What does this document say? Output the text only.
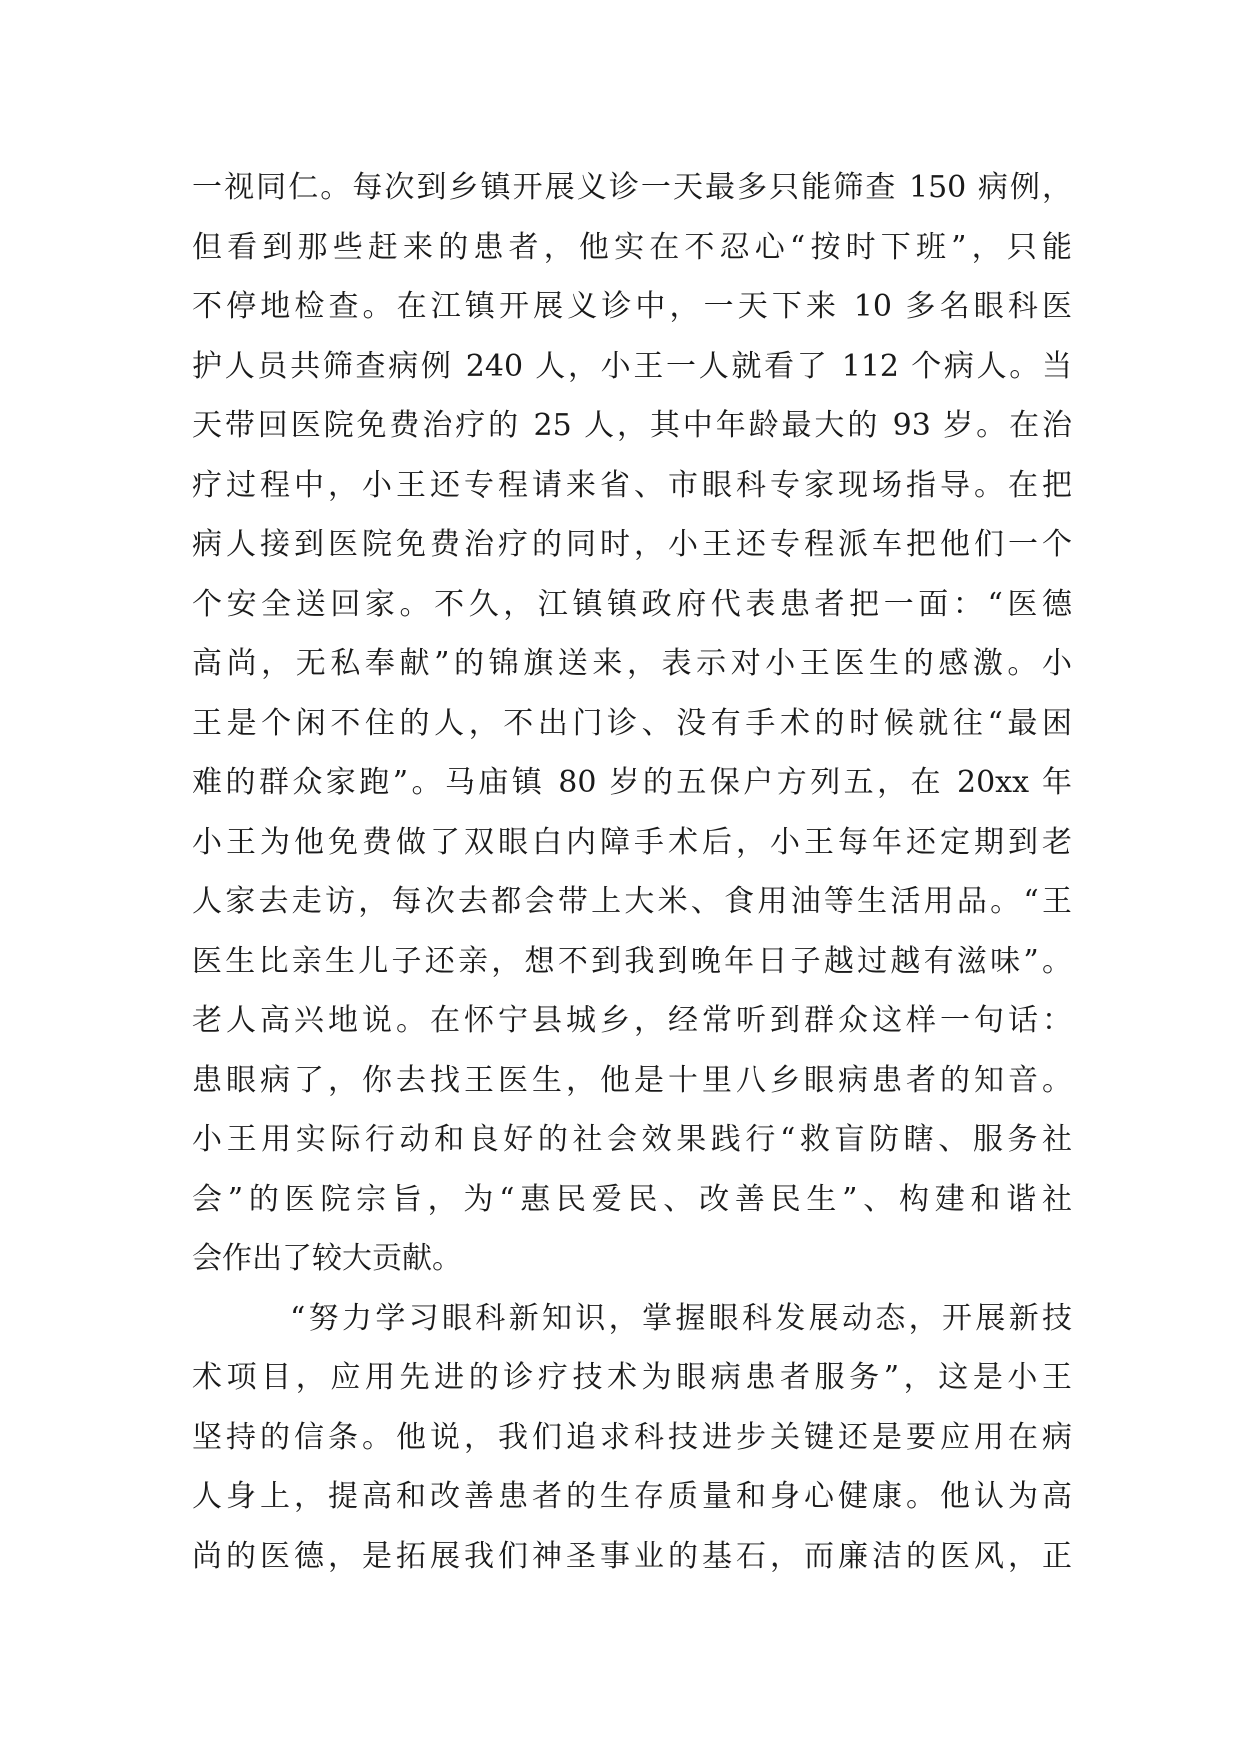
一视同仁。每次到乡镇开展义诊一天最多只能筛查 150 病例，
但看到那些赶来的患者，他实在不忍心“按时下班”，只能
不停地检查。在江镇开展义诊中，一天下来 10 多名眼科医
护人员共筛查病例 240 人，小王一人就看了 112 个病人。当
天带回医院免费治疗的 25 人，其中年龄最大的 93 岁。在治
疗过程中，小王还专程请来省、市眼科专家现场指导。在把
病人接到医院免费治疗的同时，小王还专程派车把他们一个
个安全送回家。不久，江镇镇政府代表患者把一面：“医德
高尚，无私奉献”的锦旗送来，表示对小王医生的感激。小
王是个闲不住的人，不出门诊、没有手术的时候就往“最困
难的群众家跑”。马庙镇 80 岁的五保户方列五，在 20xx 年
小王为他免费做了双眼白内障手术后，小王每年还定期到老
人家去走访，每次去都会带上大米、食用油等生活用品。“王
医生比亲生儿子还亲，想不到我到晚年日子越过越有滋味”。
老人高兴地说。在怀宁县城乡，经常听到群众这样一句话：
患眼病了，你去找王医生，他是十里八乡眼病患者的知音。
小王用实际行动和良好的社会效果践行“救盲防瞎、服务社
会”的医院宗旨，为“惠民爱民、改善民生”、构建和谐社
会作出了较大贡献。
“努力学习眼科新知识，掌握眼科发展动态，开展新技
术项目，应用先进的诊疗技术为眼病患者服务”，这是小王
坚持的信条。他说，我们追求科技进步关键还是要应用在病
人身上，提高和改善患者的生存质量和身心健康。他认为高
尚的医德，是拓展我们神圣事业的基石，而廉洁的医风，正
